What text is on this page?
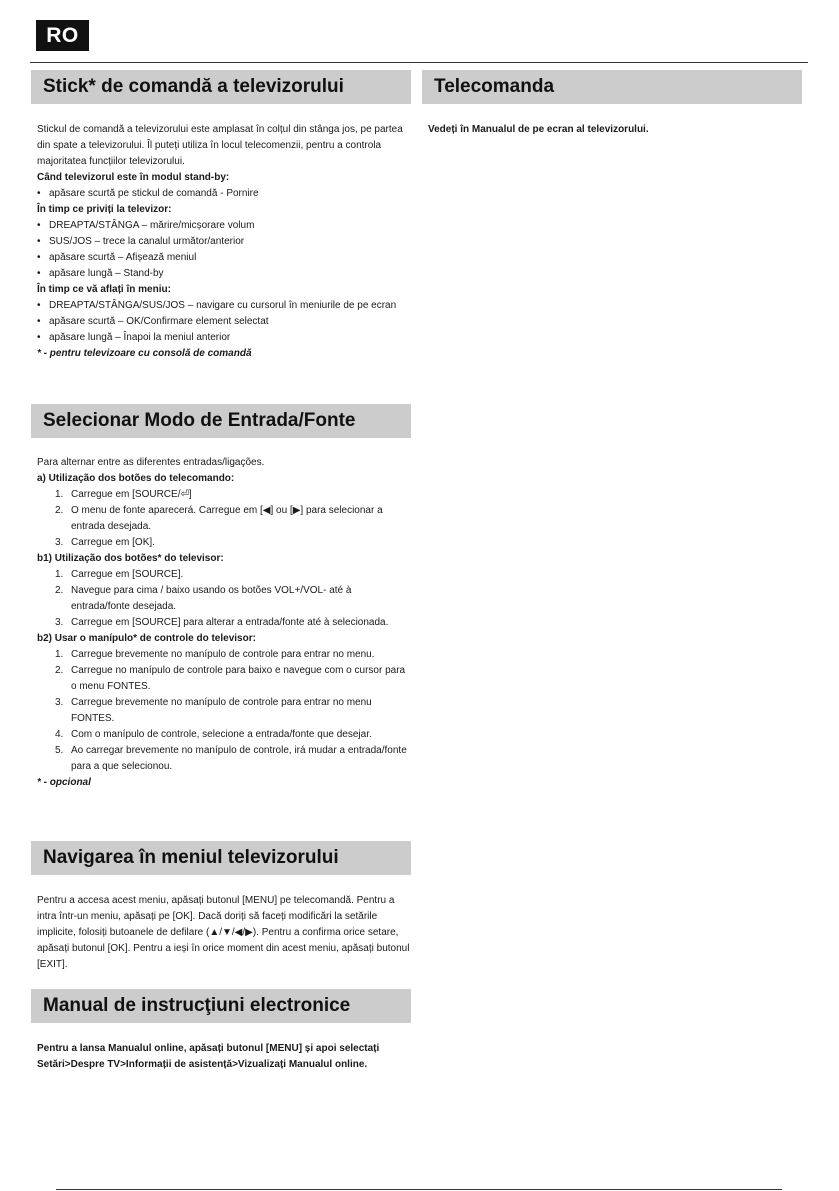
RO
Stick* de comandă a televizorului

Stickul de comandă a televizorului este amplasat în colțul din stânga jos, pe partea din spate a televizorului. Îl puteți utiliza în locul telecomenzii, pentru a controla majoritatea funcțiilor televizorului.

Când televizorul este în modul stand-by:

• apăsare scurtă pe stickul de comandă - Pornire

În timp ce priviți la televizor:

• DREAPTA/STÂNGA – mărire/micșorare volum
• SUS/JOS – trece la canalul următor/anterior
• apăsare scurtă – Afișează meniul
• apăsare lungă – Stand-by

În timp ce vă aflați în meniu:

• DREAPTA/STÂNGA/SUS/JOS – navigare cu cursorul în meniurile de pe ecran
• apăsare scurtă – OK/Confirmare element selectat
• apăsare lungă – Înapoi la meniul anterior

* - pentru televizoare cu consolă de comandă

Selecionar Modo de Entrada/Fonte

Para alternar entre as diferentes entradas/ligações.

a) Utilização dos botões do telecomando:

1. Carregue em [SOURCE/⏎]
2. O menu de fonte aparecerá. Carregue em [◀] ou [▶] para selecionar a entrada desejada.
3. Carregue em [OK].

b1) Utilização dos botões* do televisor:

1. Carregue em [SOURCE].
2. Navegue para cima / baixo usando os botões VOL+/VOL- até à entrada/fonte desejada.
3. Carregue em [SOURCE] para alterar a entrada/fonte até à selecionada.

b2) Usar o manípulo* de controle do televisor:

1. Carregue brevemente no manípulo de controle para entrar no menu.
2. Carregue no manípulo de controle para baixo e navegue com o cursor para o menu FONTES.
3. Carregue brevemente no manípulo de controle para entrar no menu FONTES.
4. Com o manípulo de controle, selecione a entrada/fonte que desejar.
5. Ao carregar brevemente no manípulo de controle, irá mudar a entrada/fonte para a que selecionou.

* - opcional

Navigarea în meniul televizorului

Pentru a accesa acest meniu, apăsați butonul [MENU] pe telecomandă. Pentru a intra într-un meniu, apăsați pe [OK]. Dacă doriți să faceți modificări la setările implicite, folosiți butoanele de defilare (▲/▼/◀/▶). Pentru a confirma orice setare, apăsați butonul [OK]. Pentru a ieși în orice moment din acest meniu, apăsați butonul [EXIT].

Manual de instrucţiuni electronice

Pentru a lansa Manualul online, apăsați butonul [MENU] și apoi selectați Setări>Despre TV>Informații de asistență>Vizualizați Manualul online.

Telecomanda

Vedeți în Manualul de pe ecran al televizorului.
